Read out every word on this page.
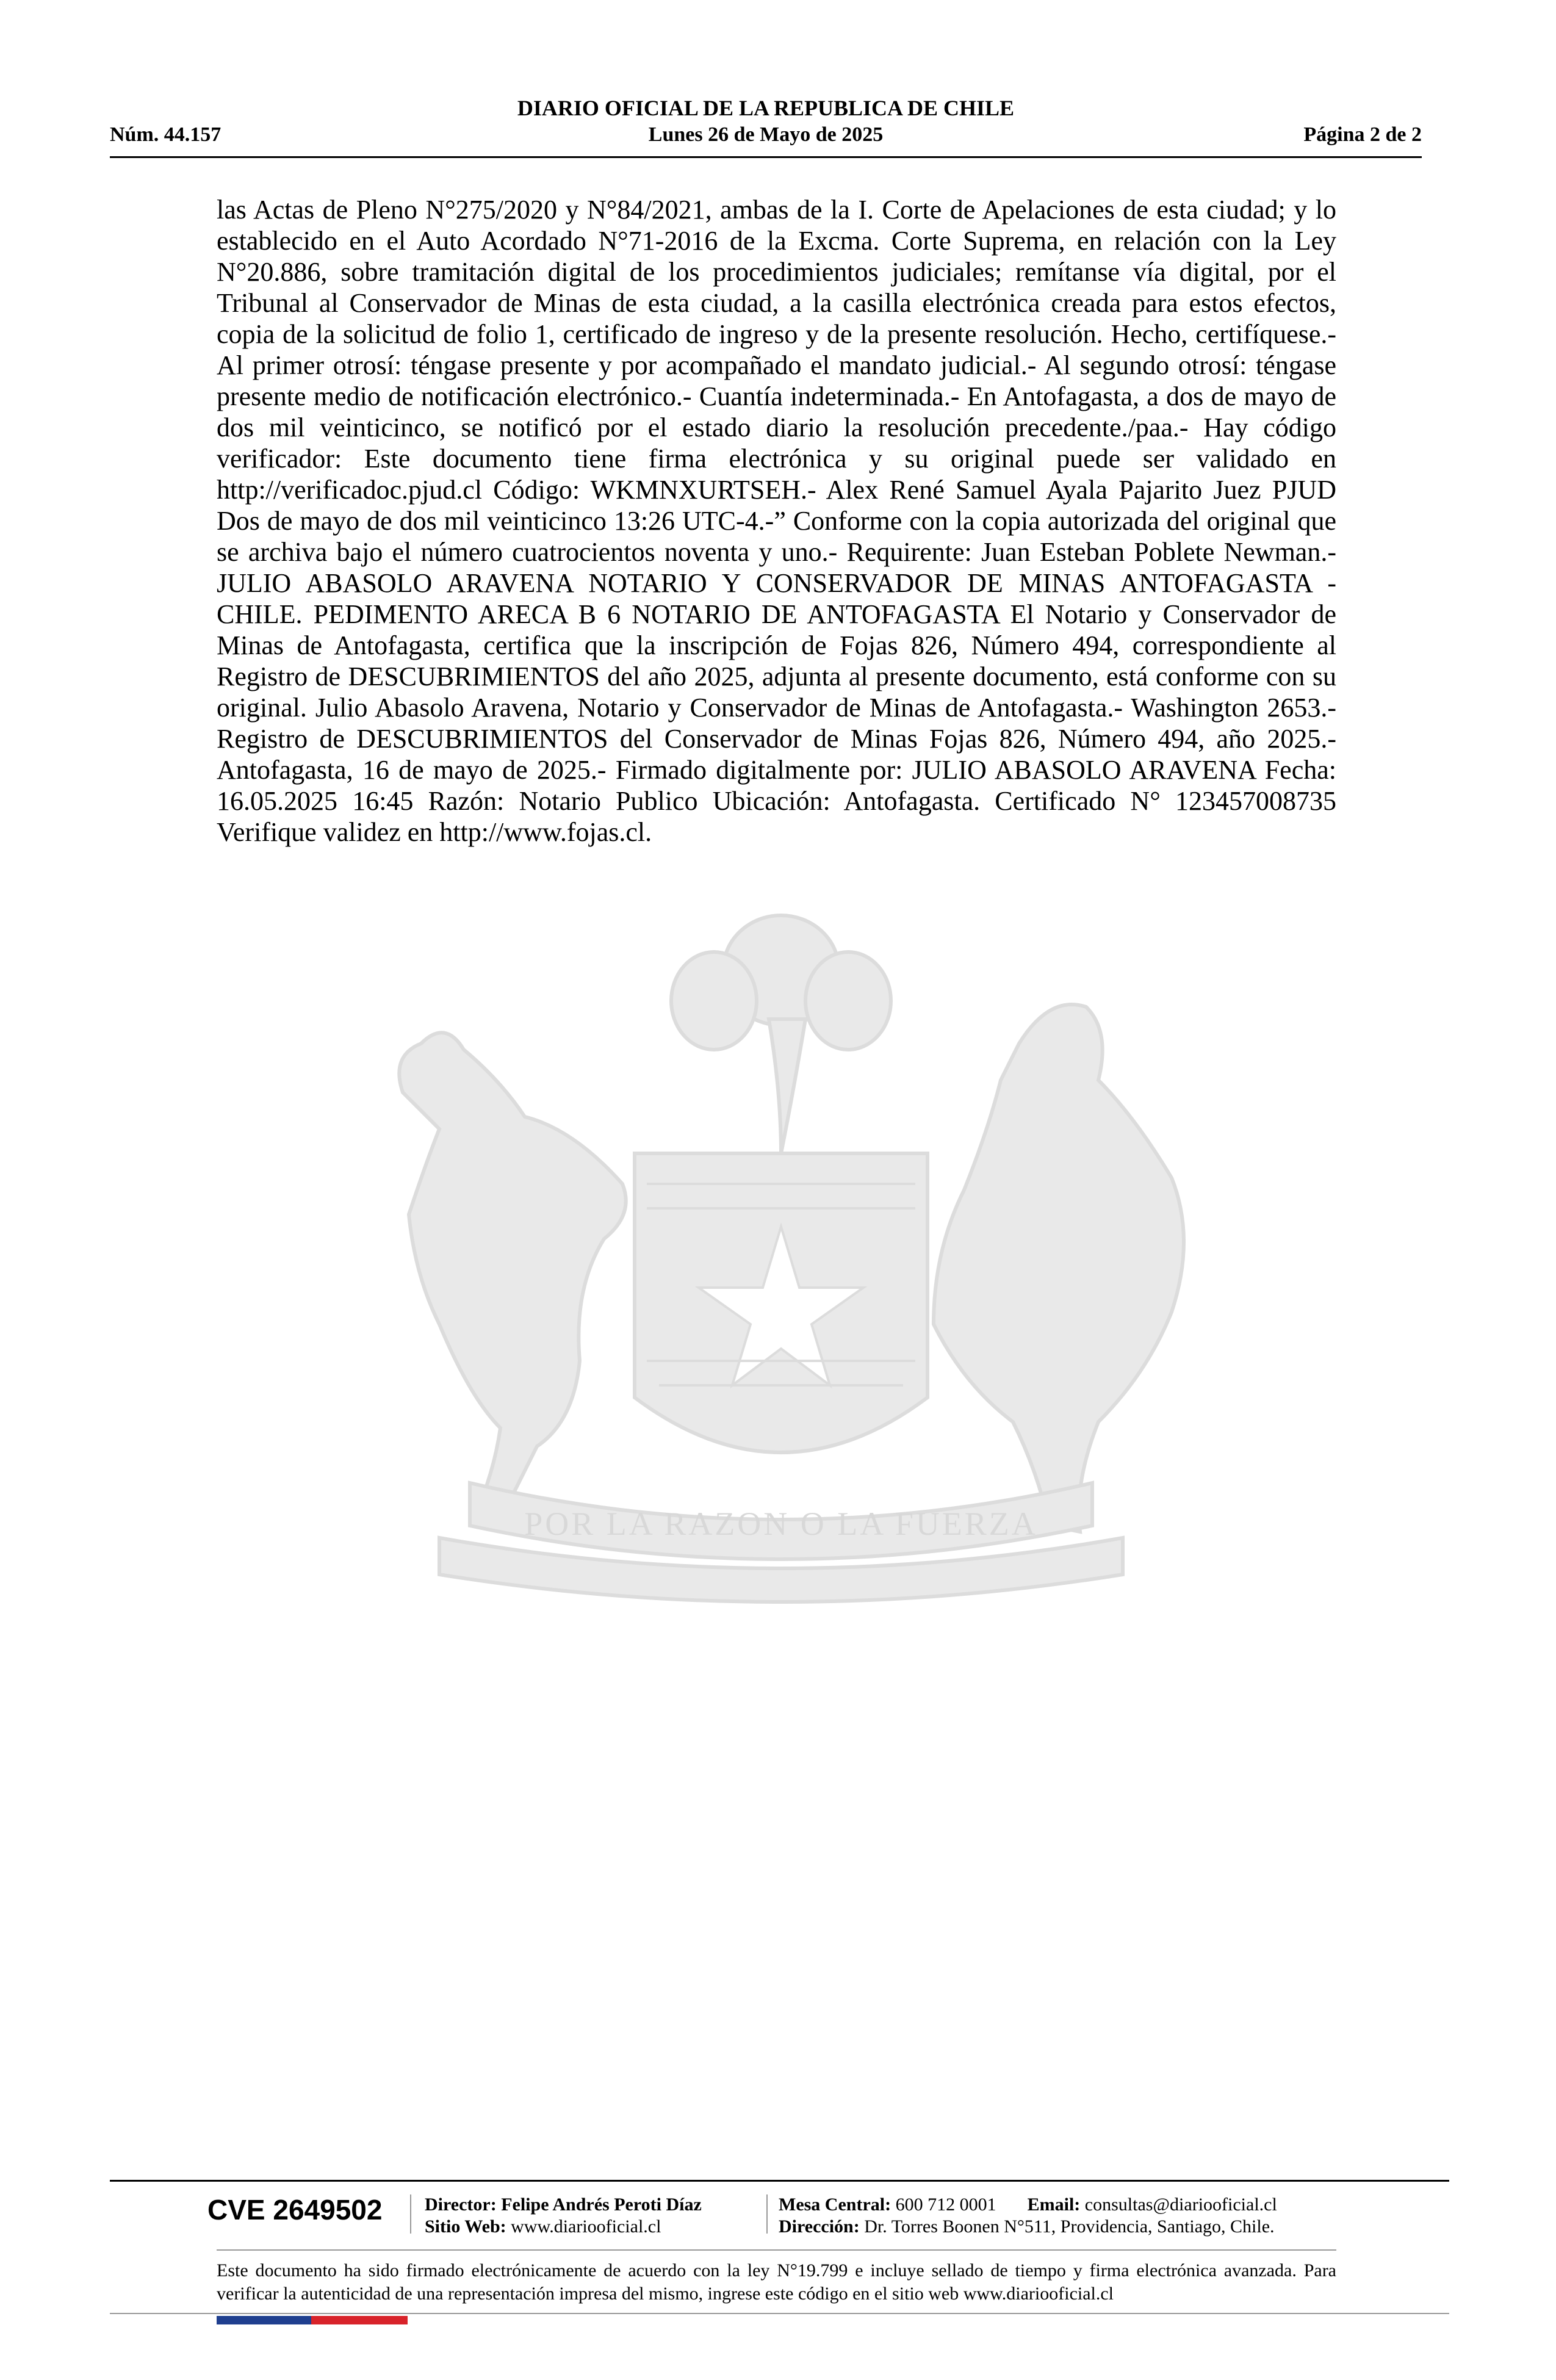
DIARIO OFICIAL DE LA REPUBLICA DE CHILE
Núm. 44.157	Lunes 26 de Mayo de 2025	Página 2 de 2
las Actas de Pleno N°275/2020 y N°84/2021, ambas de la I. Corte de Apelaciones de esta ciudad; y lo establecido en el Auto Acordado N°71-2016 de la Excma. Corte Suprema, en relación con la Ley N°20.886, sobre tramitación digital de los procedimientos judiciales; remítanse vía digital, por el Tribunal al Conservador de Minas de esta ciudad, a la casilla electrónica creada para estos efectos, copia de la solicitud de folio 1, certificado de ingreso y de la presente resolución. Hecho, certifíquese.- Al primer otrosí: téngase presente y por acompañado el mandato judicial.- Al segundo otrosí: téngase presente medio de notificación electrónico.- Cuantía indeterminada.- En Antofagasta, a dos de mayo de dos mil veinticinco, se notificó por el estado diario la resolución precedente./paa.- Hay código verificador: Este documento tiene firma electrónica y su original puede ser validado en http://verificadoc.pjud.cl Código: WKMNXURTSEH.- Alex René Samuel Ayala Pajarito Juez PJUD Dos de mayo de dos mil veinticinco 13:26 UTC-4.-” Conforme con la copia autorizada del original que se archiva bajo el número cuatrocientos noventa y uno.- Requirente: Juan Esteban Poblete Newman.- JULIO ABASOLO ARAVENA NOTARIO Y CONSERVADOR DE MINAS ANTOFAGASTA - CHILE. PEDIMENTO ARECA B 6 NOTARIO DE ANTOFAGASTA El Notario y Conservador de Minas de Antofagasta, certifica que la inscripción de Fojas 826, Número 494, correspondiente al Registro de DESCUBRIMIENTOS del año 2025, adjunta al presente documento, está conforme con su original. Julio Abasolo Aravena, Notario y Conservador de Minas de Antofagasta.- Washington 2653.- Registro de DESCUBRIMIENTOS del Conservador de Minas Fojas 826, Número 494, año 2025.- Antofagasta, 16 de mayo de 2025.- Firmado digitalmente por: JULIO ABASOLO ARAVENA Fecha: 16.05.2025 16:45 Razón: Notario Publico Ubicación: Antofagasta. Certificado N° 123457008735 Verifique validez en http://www.fojas.cl.
POR LA RAZON O LA FUERZA
CVE 2649502 Director: Felipe Andrés Peroti Díaz
Sitio Web: www.diariooficial.cl
Mesa Central: 600 712 0001 Email: consultas@diariooficial.cl
Dirección: Dr. Torres Boonen N°511, Providencia, Santiago, Chile.
Este documento ha sido firmado electrónicamente de acuerdo con la ley N°19.799 e incluye sellado de tiempo y firma electrónica avanzada. Para verificar la autenticidad de una representación impresa del mismo, ingrese este código en el sitio web www.diariooficial.cl
